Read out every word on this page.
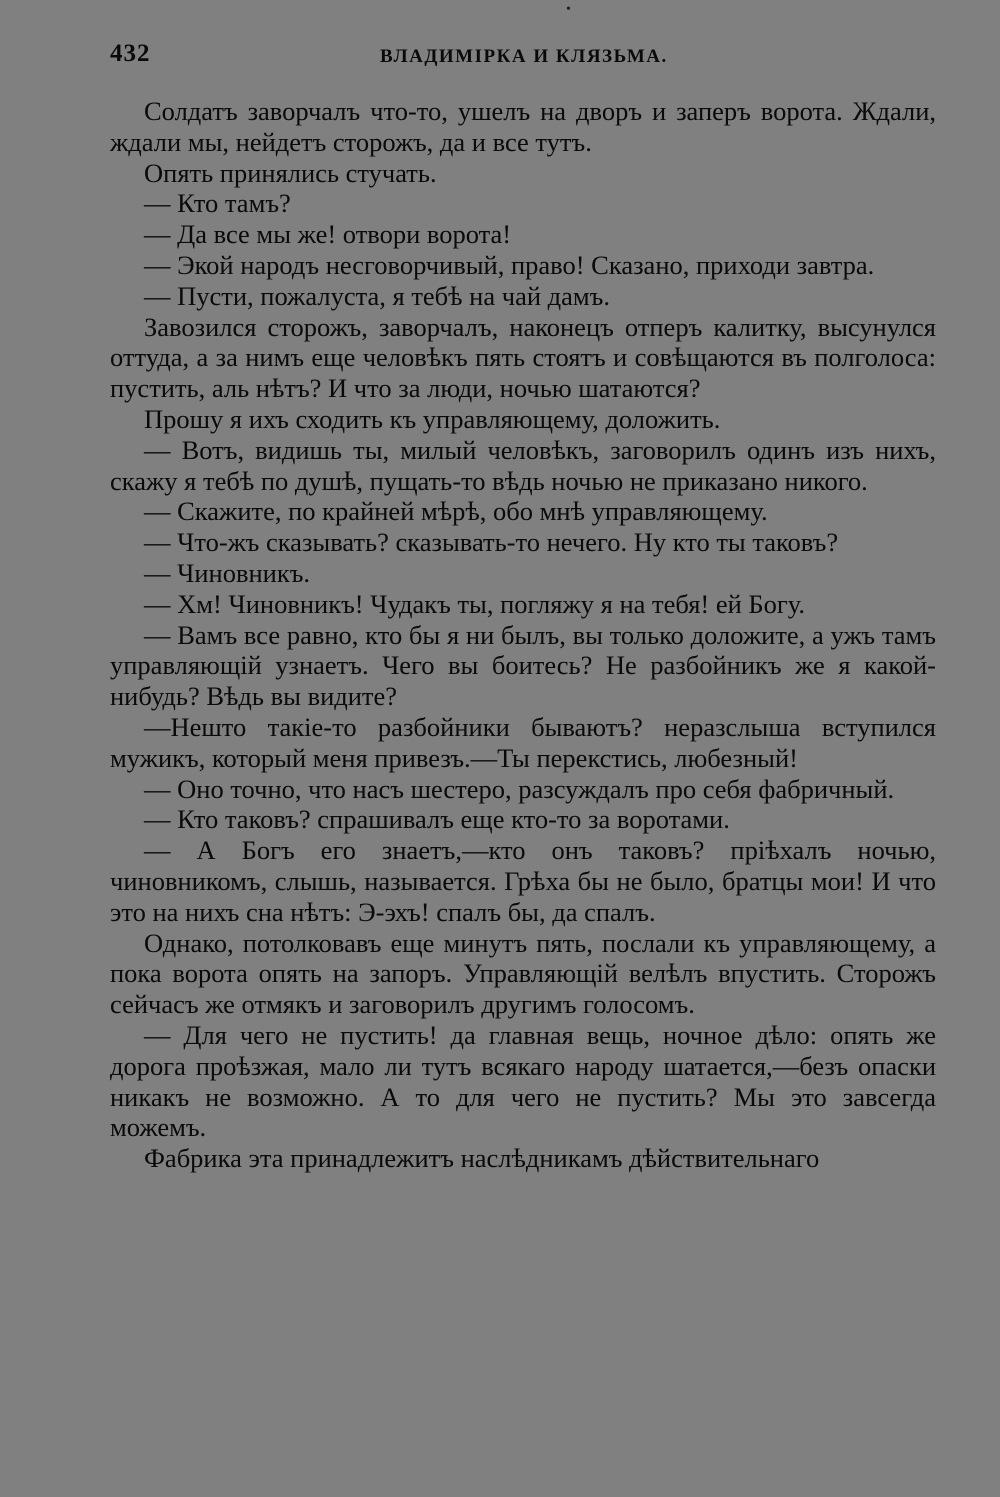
432	ВЛАДИМIРКА И КЛЯЗЬМА.

Солдатъ заворчалъ что-то, ушелъ на дворъ и заперъ ворота. Ждали, ждали мы, нейдетъ сторожъ, да и все тутъ.

Опять принялись стучать.

— Кто тамъ?

— Да все мы же! отвори ворота!

— Экой народъ несговорчивый, право! Сказано, приходи завтра.

— Пусти, пожалуста, я тебѣ на чай дамъ.

Завозился сторожъ, заворчалъ, наконецъ отперъ калитку, высунулся оттуда, а за нимъ еще человѣкъ пять стоятъ и совѣщаются въ полголоса: пустить, аль нѣтъ? И что за люди, ночью шатаются?

Прошу я ихъ сходить къ управляющему, доложить.

— Вотъ, видишь ты, милый человѣкъ, заговорилъ одинъ изъ нихъ, скажу я тебѣ по душѣ, пущать-то вѣдь ночью не приказано никого.

— Скажите, по крайней мѣрѣ, обо мнѣ управляющему.

— Что-жъ сказывать? сказывать-то нечего. Ну кто ты таковъ?

— Чиновникъ.

— Хм! Чиновникъ! Чудакъ ты, погляжу я на тебя! ей Богу.

— Вамъ все равно, кто бы я ни былъ, вы только доложите, а ужъ тамъ управляющiй узнаетъ. Чего вы боитесь? Не разбойникъ же я какой-нибудь? Вѣдь вы видите?

—Нешто такiе-то разбойники бываютъ? неразслыша вступился мужикъ, который меня привезъ.—Ты перекстись, любезный!

— Оно точно, что насъ шестеро, разсуждалъ про себя фабричный.

— Кто таковъ? спрашивалъ еще кто-то за воротами.

— А Богъ его знаетъ,—кто онъ таковъ? прiѣхалъ ночью, чиновникомъ, слышь, называется. Грѣха бы не было, братцы мои! И что это на нихъ сна нѣтъ: Э-эхъ! спалъ бы, да спалъ.

Однако, потолковавъ еще минутъ пять, послали къ управляющему, а пока ворота опять на запоръ. Управляющiй велѣлъ впустить. Сторожъ сейчасъ же отмякъ и заговорилъ другимъ голосомъ.

— Для чего не пустить! да главная вещь, ночное дѣло: опять же дорога проѣзжая, мало ли тутъ всякаго народу шатается,—безъ опаски никакъ не возможно. А то для чего не пустить? Мы это завсегда можемъ.

Фабрика эта принадлежитъ наслѣдникамъ дѣйствительнаго

•
